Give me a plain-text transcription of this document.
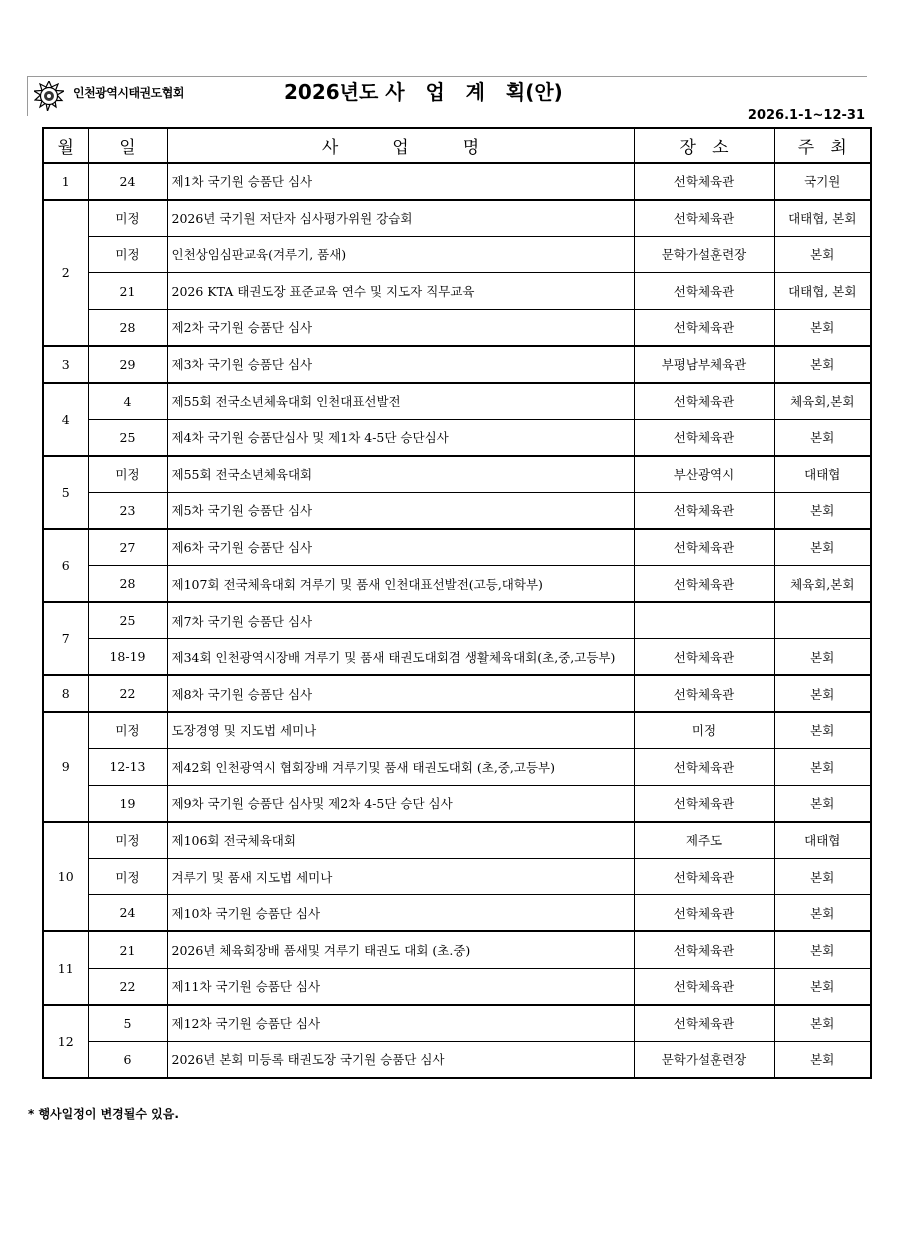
인천광역시태권도협회	2026년도 사   업   계   획(안)
2026.1-1~12-31
월	일	사          업          명	장   소	주   최
1	24	제1차 국기원 승품단 심사	선학체육관	국기원
2	미정	2026년 국기원 저단자 심사평가위원 강습회	선학체육관	대태협, 본회
	미정	인천상임심판교육(겨루기, 품새)	문학가설훈련장	본회
	21	2026 KTA 태권도장 표준교육 연수 및 지도자 직무교육	선학체육관	대태협, 본회
	28	제2차 국기원 승품단 심사	선학체육관	본회
3	29	제3차 국기원 승품단 심사	부평남부체육관	본회
4	4	제55회 전국소년체육대회 인천대표선발전	선학체육관	체육회,본회
	25	제4차 국기원 승품단심사 및 제1차 4-5단 승단심사	선학체육관	본회
5	미정	제55회 전국소년체육대회	부산광역시	대태협
	23	제5차 국기원 승품단 심사	선학체육관	본회
6	27	제6차 국기원 승품단 심사	선학체육관	본회
	28	제107회 전국체육대회 겨루기 및 품새 인천대표선발전(고등,대학부)	선학체육관	체육회,본회
7	25	제7차 국기원 승품단 심사		
	18-19	제34회 인천광역시장배 겨루기 및 품새 태권도대회겸 생활체육대회(초,중,고등부)	선학체육관	본회
8	22	제8차 국기원 승품단 심사	선학체육관	본회
9	미정	도장경영 및 지도법 세미나	미정	본회
	12-13	제42회 인천광역시 협회장배 겨루기및 품새 태권도대회 (초,중,고등부)	선학체육관	본회
	19	제9차 국기원 승품단 심사및 제2차 4-5단 승단 심사	선학체육관	본회
10	미정	제106회 전국체육대회	제주도	대태협
	미정	겨루기 및 품새 지도법 세미나	선학체육관	본회
	24	제10차 국기원 승품단 심사	선학체육관	본회
11	21	2026년 체육회장배 품새및 겨루기 태권도 대회 (초.중)	선학체육관	본회
	22	제11차 국기원 승품단 심사	선학체육관	본회
12	5	제12차 국기원 승품단 심사	선학체육관	본회
	6	2026년 본회 미등록 태권도장 국기원 승품단 심사	문학가설훈련장	본회
* 행사일정이 변경될수 있음.
